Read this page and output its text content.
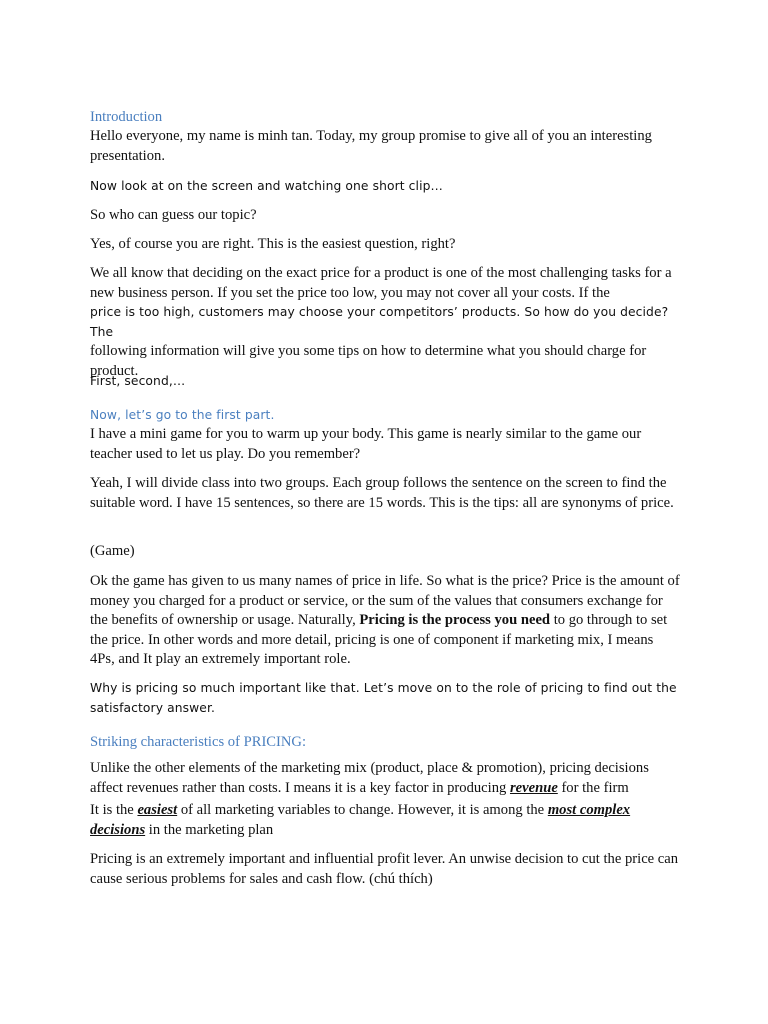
Introduction

Hello everyone, my name is minh tan. Today, my group promise to give all of you an interesting presentation.

Now look at on the screen and watching one short clip…

So who can guess our topic?

Yes, of course you are right. This is the easiest question, right?

We all know that deciding on the exact price for a product is one of the most challenging tasks for a new business person. If you set the price too low, you may not cover all your costs. If the
price is too high, customers may choose your competitors’ products. So how do you decide? The
following information will give you some tips on how to determine what you should charge for product.

First, second,…

Now, let’s go to the first part.

I have a mini game for you to warm up your body. This game is nearly similar to the game our teacher used to let us play. Do you remember?

Yeah, I will divide class into two groups. Each group follows the sentence on the screen to find the suitable word. I have 15 sentences, so there are 15 words. This is the tips: all are synonyms of price.

(Game)

Ok the game has given to us many names of price in life. So what is the price? Price is the amount of money you charged for a product or service, or the sum of the values that consumers exchange for the benefits of ownership or usage. Naturally, Pricing is the process you need to go through to set the price. In other words and more detail, pricing is one of component if marketing mix, I means 4Ps, and It play an extremely important role.

Why is pricing so much important like that. Let’s move on to the role of pricing to find out the satisfactory answer.

Striking characteristics of PRICING:

Unlike the other elements of the marketing mix (product, place & promotion), pricing decisions affect revenues rather than costs. I means it is a key factor in producing revenue for the firm

It is the easiest of all marketing variables to change. However, it is among the most complex decisions in the marketing plan

Pricing is an extremely important and influential profit lever. An unwise decision to cut the price can cause serious problems for sales and cash flow. (chú thích)
